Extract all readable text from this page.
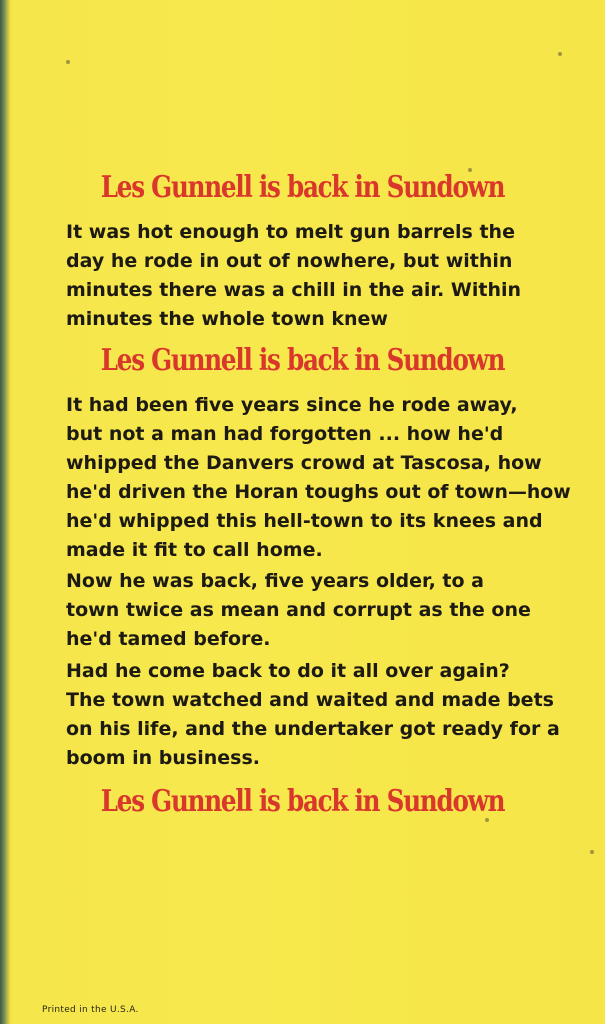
Les Gunnell is back in Sundown
It was hot enough to melt gun barrels the
day he rode in out of nowhere, but within
minutes there was a chill in the air. Within
minutes the whole town knew
Les Gunnell is back in Sundown
It had been five years since he rode away,
but not a man had forgotten ... how he'd
whipped the Danvers crowd at Tascosa, how
he'd driven the Horan toughs out of town—how
he'd whipped this hell-town to its knees and
made it fit to call home.
Now he was back, five years older, to a
town twice as mean and corrupt as the one
he'd tamed before.
Had he come back to do it all over again?
The town watched and waited and made bets
on his life, and the undertaker got ready for a
boom in business.
Les Gunnell is back in Sundown
Printed in the U.S.A.
